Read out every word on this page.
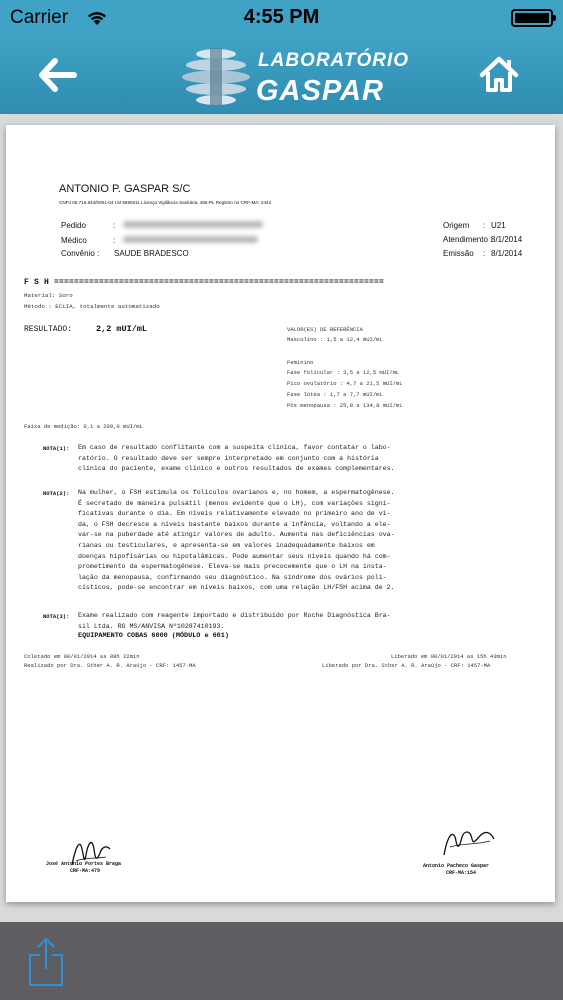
Carrier	4:55 PM
LABORATÓRIO
GASPAR
ANTONIO P. GASPAR S/C
CNPJ 06.716.644/0001-04 I.M 5690311 Licença Vigilância Sanitária: 465-PL Registro no CRF-MA: 2443
Pedido	:
Médico	:
Convênio : SAUDE BRADESCO
Origem : U21
Atendimento :
8/1/2014
Emissão : 8/1/2014
F S H ==================================================================
Material: Soro
Método : ECLIA, totalmente automatizado
RESULTADO:	2,2 mUI/mL	VALOR(ES) DE REFERÊNCIA
Masculino : 1,5 a 12,4 mUI/mL
Feminino
Fase folicular : 3,5 a 12,5 mUI/mL
Pico ovulatório : 4,7 a 21,5 mUI/mL
Fase lútea : 1,7 a 7,7 mUI/mL
Pós menopausa : 25,8 a 134,8 mUI/mL
Faixa de medição: 0,1 a 200,0 mUI/mL
NOTA(1): Em caso de resultado conflitante com a suspeita clínica, favor contatar o labo-
ratório. O resultado deve ser sempre interpretado em conjunto com a história
clínica do paciente, exame clínico e outros resultados de exames complementares.
NOTA(2): Na mulher, o FSH estimula os folículos ovarianos e, no homem, a espermatogênese.
É secretado de maneira pulsátil (menos evidente que o LH), com variações signi-
ficativas durante o dia. Em níveis relativamente elevado no primeiro ano de vi-
da, o FSH decresce a níveis bastante baixos durante a infância, voltando a ele-
var-se na puberdade até atingir valores de adulto. Aumenta nas deficiências ova-
rianas ou testiculares, e apresenta-se em valores inadequadamente baixos em
doenças hipofisárias ou hipotalâmicas. Pode aumentar seus níveis quando há com-
prometimento da espermatogênese. Eleva-se mais precocemente que o LH na insta-
lação da menopausa, confirmando seu diagnóstico. Na síndrome dos ovários poli-
císticos, pode-se encontrar em níveis baixos, com uma relação LH/FSH acima de 2.
NOTA(3): Exame realizado com reagente importado e distribuído por Roche Diagnóstica Bra-
sil Ltda. RG MS/ANVISA Nº10287410193.
EQUIPAMENTO COBAS 6000 (MÓDULO e 601)
Coletado em 08/01/2014 as 08h 22min
Realizado por Dra. Sther A. R. Araújo - CRF: 1457-MA
Liberado em 08/01/2014 as 15h 43min
Liberado por Dra. Sther A. R. Araújo - CRF: 1457-MA
José Antonio Portes Braga
CRF-MA:479
Antonio Pacheco Gaspar
CRF-MA:154
